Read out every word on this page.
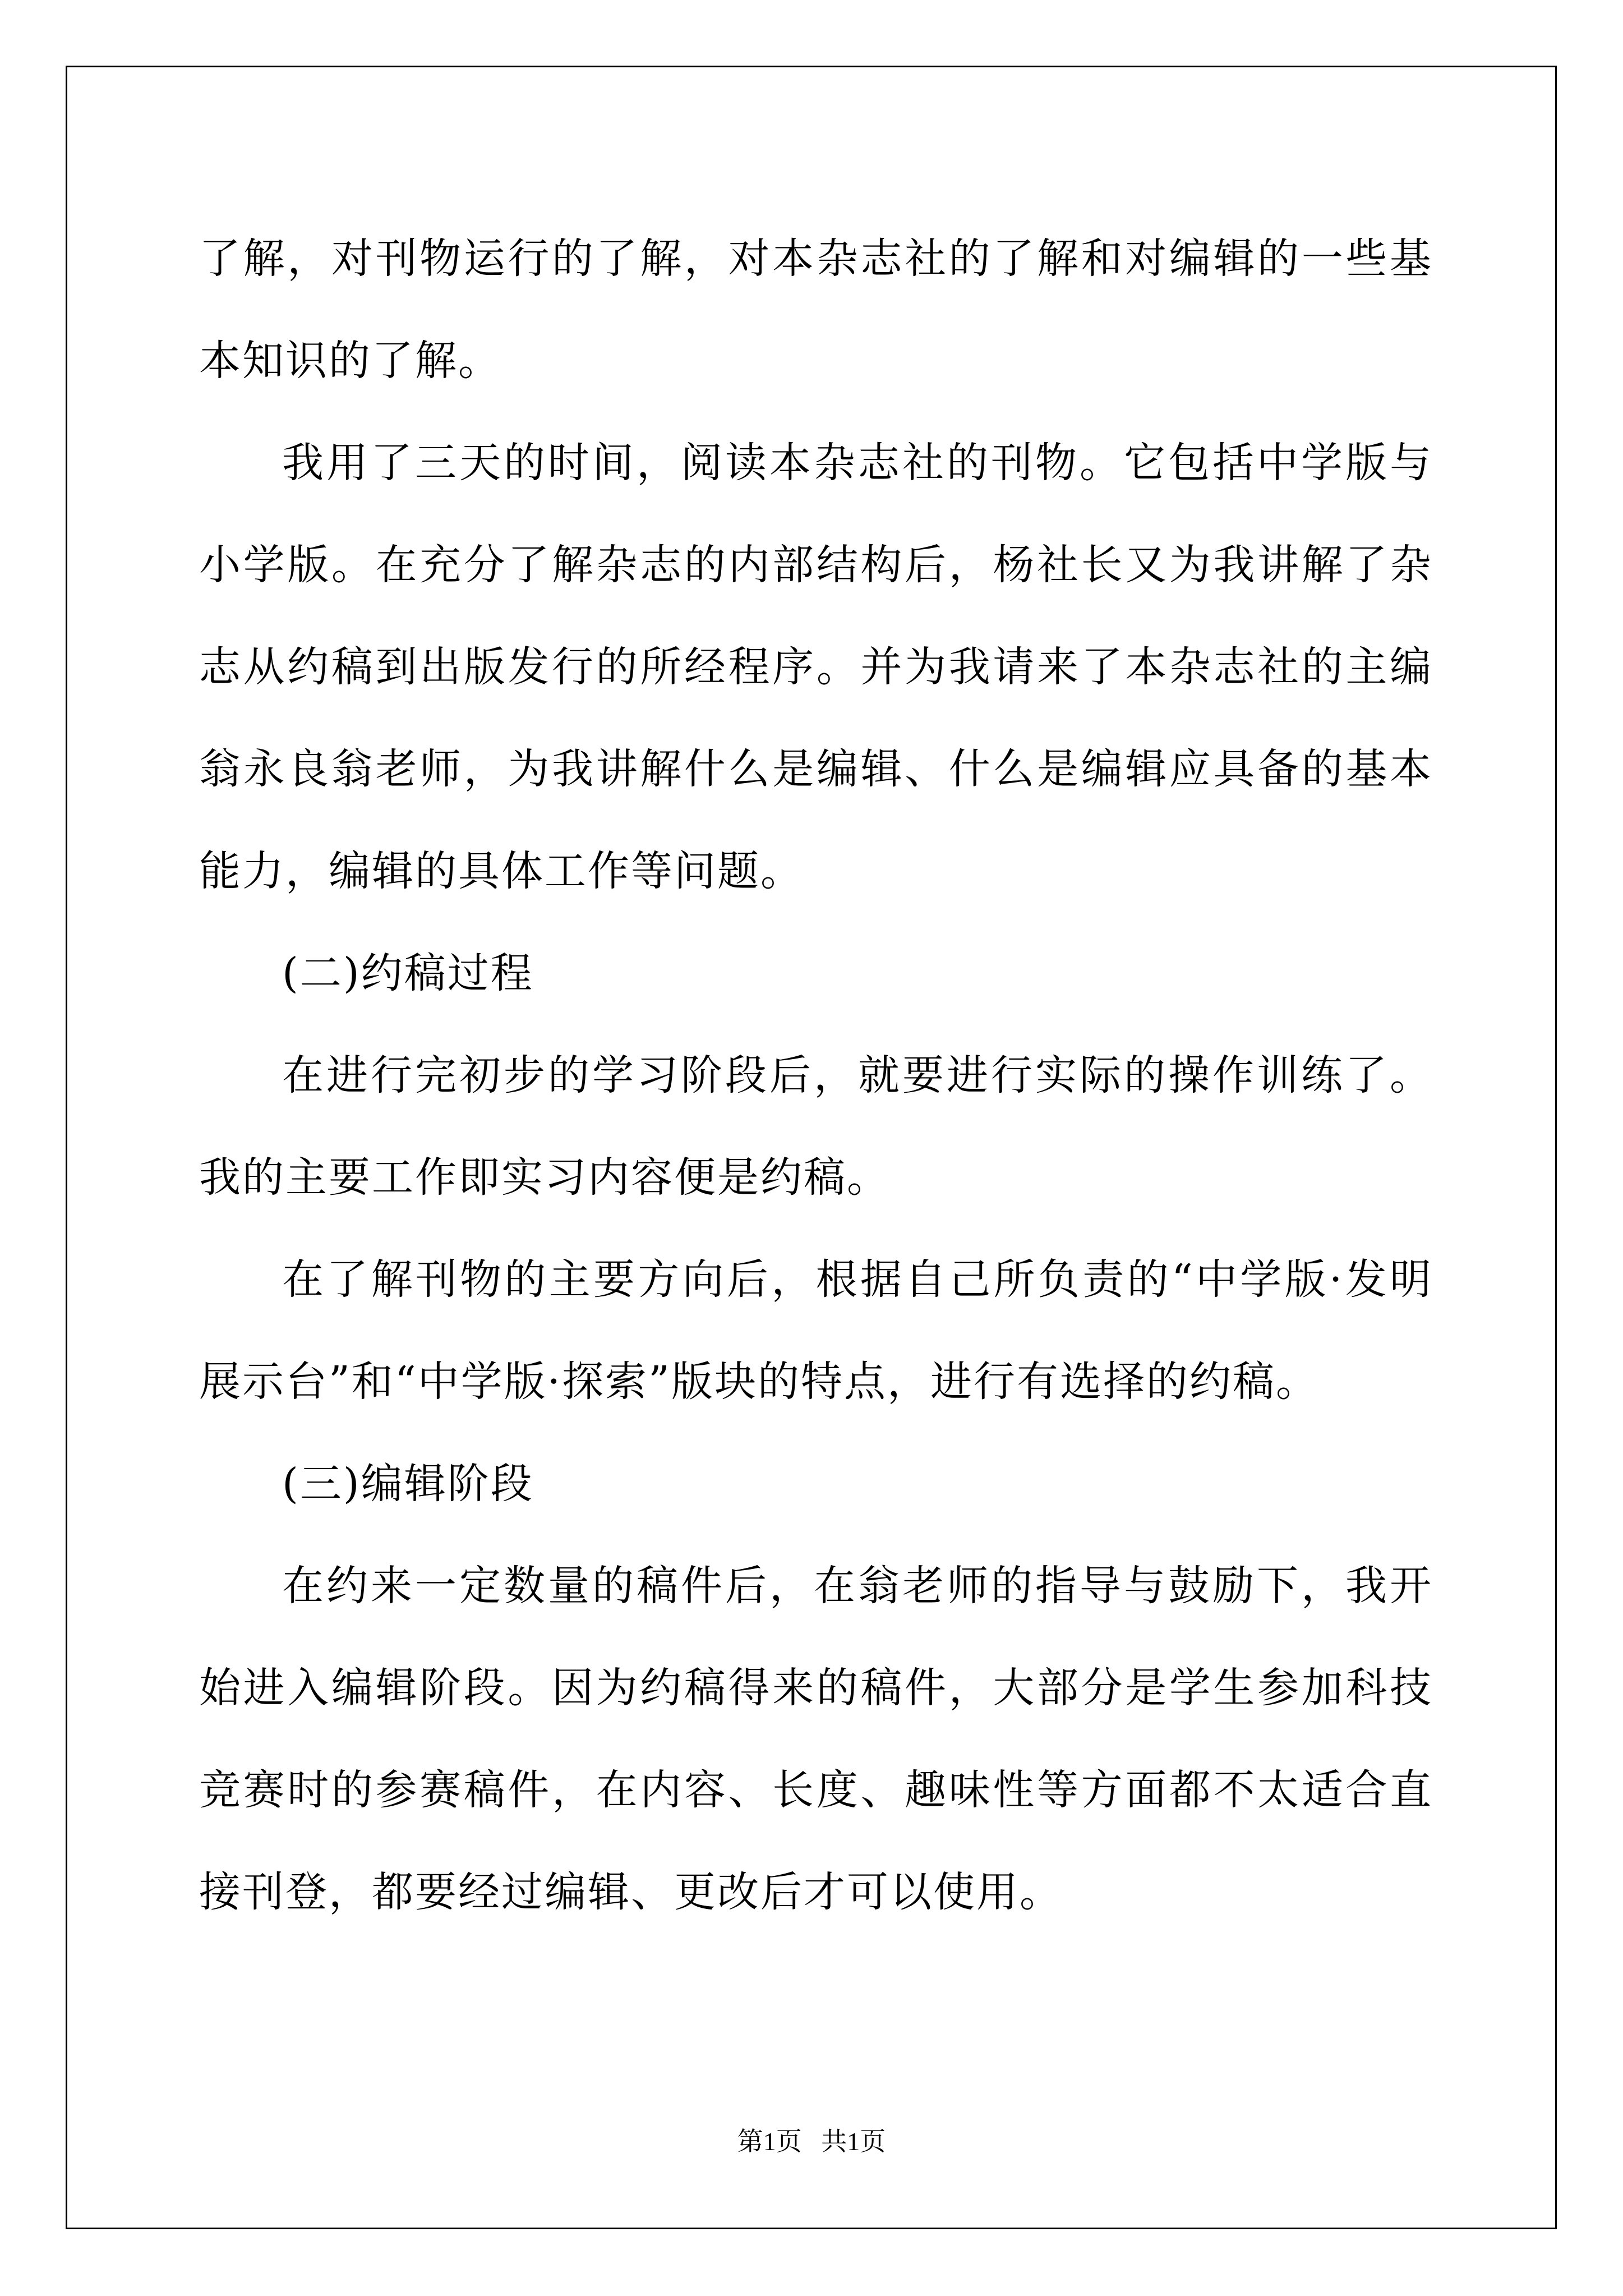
了解，对刊物运行的了解，对本杂志社的了解和对编辑的一些基本知识的了解。

我用了三天的时间，阅读本杂志社的刊物。它包括中学版与小学版。在充分了解杂志的内部结构后，杨社长又为我讲解了杂志从约稿到出版发行的所经程序。并为我请来了本杂志社的主编翁永良翁老师，为我讲解什么是编辑、什么是编辑应具备的基本能力，编辑的具体工作等问题。

(二)约稿过程

在进行完初步的学习阶段后，就要进行实际的操作训练了。我的主要工作即实习内容便是约稿。

在了解刊物的主要方向后，根据自己所负责的“中学版·发明展示台”和“中学版·探索”版块的特点，进行有选择的约稿。

(三)编辑阶段

在约来一定数量的稿件后，在翁老师的指导与鼓励下，我开始进入编辑阶段。因为约稿得来的稿件，大部分是学生参加科技竞赛时的参赛稿件，在内容、长度、趣味性等方面都不太适合直接刊登，都要经过编辑、更改后才可以使用。

第1页 共1页
